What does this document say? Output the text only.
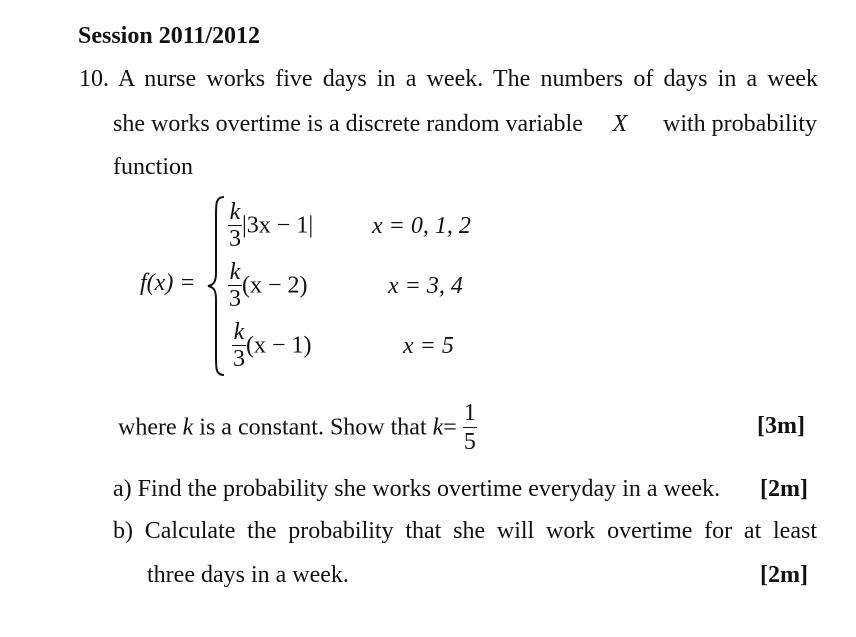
Session 2011/2012
10. A nurse works five days in a week. The numbers of days in a week
she works overtime is a discrete random variable X with probability
function
f(x) =
$\frac{k}{3} |3x - 1|$ x = 0, 1, 2
$\frac{k}{3} (x - 2)$	x = 3, 4
$\frac{k}{3} (x - 1)$	x = 5
where k is a constant. Show that $k= \frac{1}{5}$	[3m]
a) Find the probability she works overtime everyday in a week. [2m]
b) Calculate the probability that she will work overtime for at least
three days in a week.	[2m]
